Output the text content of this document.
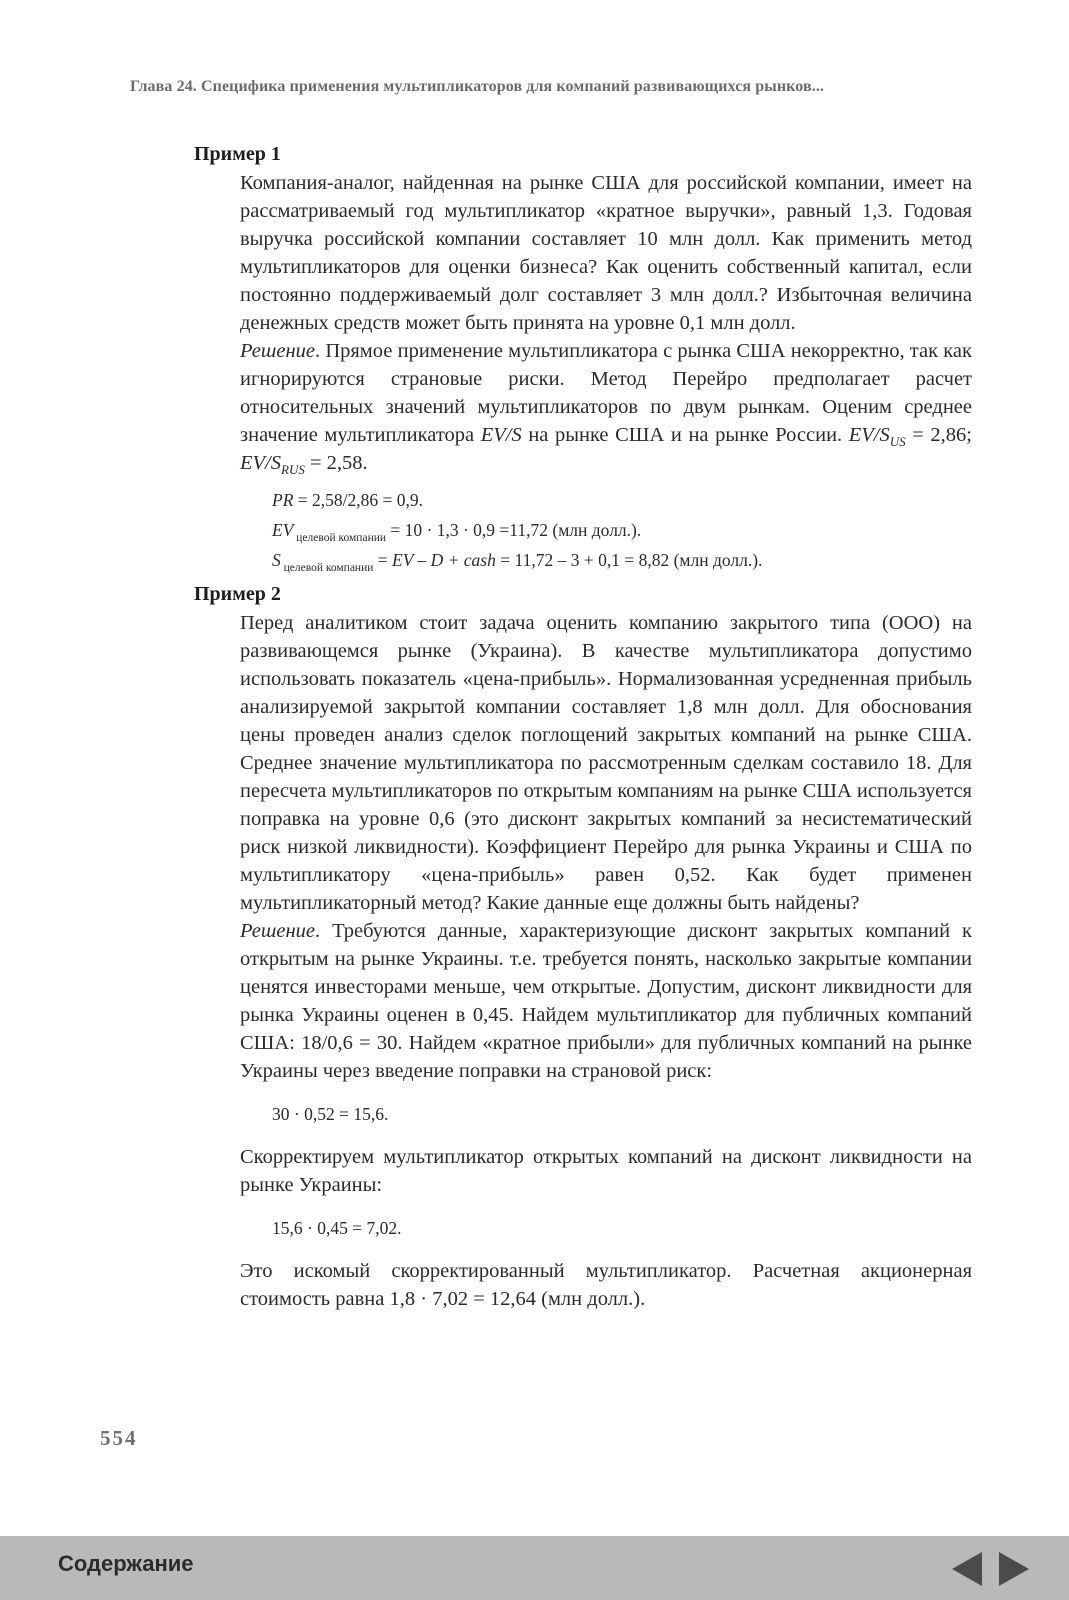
Глава 24. Специфика применения мультипликаторов для компаний развивающихся рынков...
Пример 1

Компания-аналог, найденная на рынке США для российской компании, имеет на рассматриваемый год мультипликатор «кратное выручки», равный 1,3. Годовая выручка российской компании составляет 10 млн долл. Как применить метод мультипликаторов для оценки бизнеса? Как оценить собственный капитал, если постоянно поддерживаемый долг составляет 3 млн долл.? Избыточная величина денежных средств может быть принята на уровне 0,1 млн долл.

Решение. Прямое применение мультипликатора с рынка США некорректно, так как игнорируются страновые риски. Метод Перейро предполагает расчет относительных значений мультипликаторов по двум рынкам. Оценим среднее значение мультипликатора EV/S на рынке США и на рынке России. $EV/S_{US} = 2,86$; $EV/S_{RUS} = 2,58$.

PR = 2,58/2,86 = 0,9.
EV $_{целевой компании}$ = 10 · 1,3 · 0,9 =11,72 (млн долл.).
S $_{целевой компании}$ = EV – D + cash = 11,72 – 3 + 0,1 = 8,82 (млн долл.).
Пример 2

Перед аналитиком стоит задача оценить компанию закрытого типа (ООО) на развивающемся рынке (Украина). В качестве мультипликатора допустимо использовать показатель «цена-прибыль». Нормализованная усредненная прибыль анализируемой закрытой компании составляет 1,8 млн долл. Для обоснования цены проведен анализ сделок поглощений закрытых компаний на рынке США. Среднее значение мультипликатора по рассмотренным сделкам составило 18. Для пересчета мультипликаторов по открытым компаниям на рынке США используется поправка на уровне 0,6 (это дисконт закрытых компаний за несистематический риск низкой ликвидности). Коэффициент Перейро для рынка Украины и США по мультипликатору «цена-прибыль» равен 0,52. Как будет применен мультипликаторный метод? Какие данные еще должны быть найдены?

Решение. Требуются данные, характеризующие дисконт закрытых компаний к открытым на рынке Украины. т.е. требуется понять, насколько закрытые компании ценятся инвесторами меньше, чем открытые. Допустим, дисконт ликвидности для рынка Украины оценен в 0,45. Найдем мультипликатор для публичных компаний США: 18/0,6 = 30. Найдем «кратное прибыли» для публичных компаний на рынке Украины через введение поправки на страновой риск:

30 · 0,52 = 15,6.

Скорректируем мультипликатор открытых компаний на дисконт ликвидности на рынке Украины:

15,6 · 0,45 = 7,02.

Это искомый скорректированный мультипликатор. Расчетная акционерная стоимость равна 1,8 · 7,02 = 12,64 (млн долл.).

554
Содержание
